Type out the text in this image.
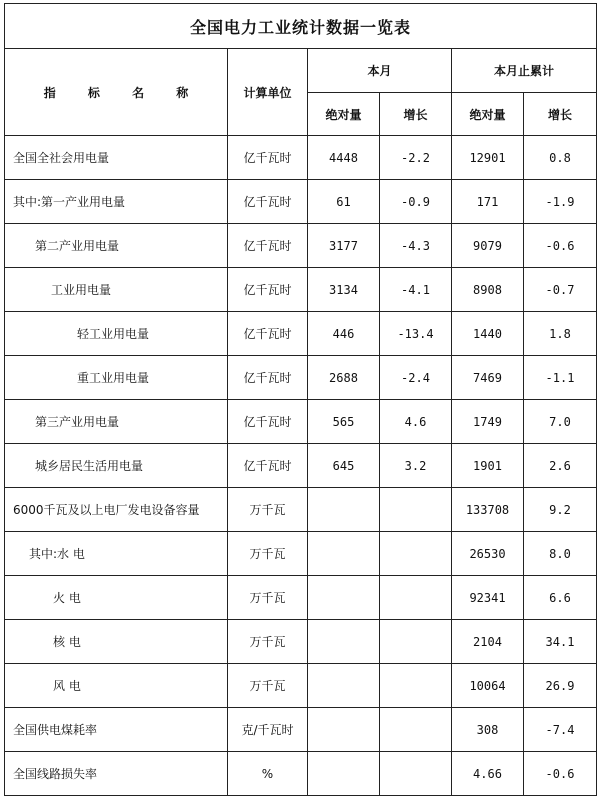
全国电力工业统计数据一览表					
指 标 名 称	计算单位	本月		本月止累计	
		绝对量	增长	绝对量	增长
全国全社会用电量	亿千瓦时	4448	-2.2	12901	0.8
其中:第一产业用电量	亿千瓦时	61	-0.9	171	-1.9
第二产业用电量	亿千瓦时	3177	-4.3	9079	-0.6
工业用电量	亿千瓦时	3134	-4.1	8908	-0.7
轻工业用电量	亿千瓦时	446	-13.4	1440	1.8
重工业用电量	亿千瓦时	2688	-2.4	7469	-1.1
第三产业用电量	亿千瓦时	565	4.6	1749	7.0
城乡居民生活用电量	亿千瓦时	645	3.2	1901	2.6
6000千瓦及以上电厂发电设备容量	万千瓦			133708	9.2
其中:水 电	万千瓦			26530	8.0
火 电	万千瓦			92341	6.6
核 电	万千瓦			2104	34.1
风 电	万千瓦			10064	26.9
全国供电煤耗率	克/千瓦时			308	-7.4
全国线路损失率	%			4.66	-0.6
